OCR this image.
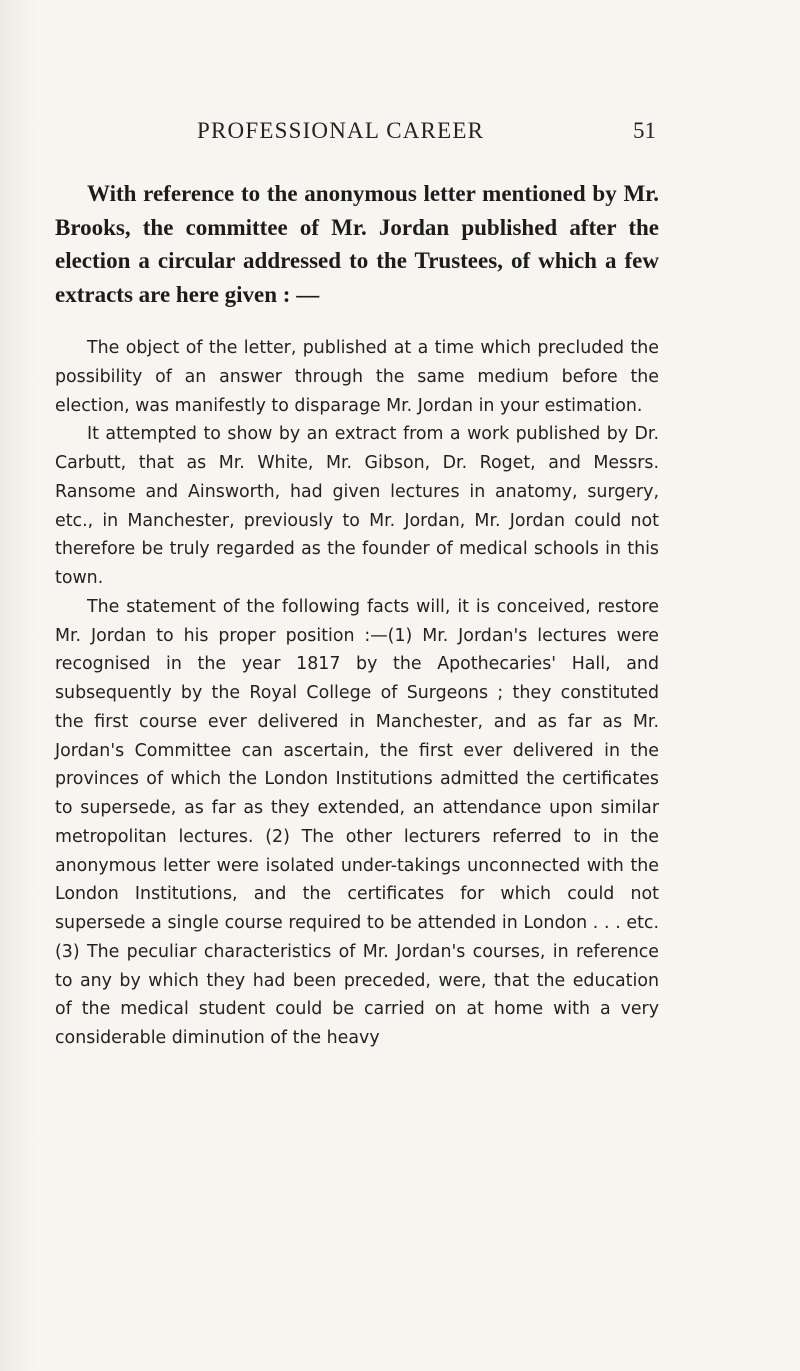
PROFESSIONAL CAREER	51

With reference to the anonymous letter mentioned by Mr. Brooks, the committee of Mr. Jordan published after the election a circular addressed to the Trustees, of which a few extracts are here given : —

The object of the letter, published at a time which precluded the possibility of an answer through the same medium before the election, was manifestly to disparage Mr. Jordan in your estimation.

It attempted to show by an extract from a work published by Dr. Carbutt, that as Mr. White, Mr. Gibson, Dr. Roget, and Messrs. Ransome and Ainsworth, had given lectures in anatomy, surgery, etc., in Manchester, previously to Mr. Jordan, Mr. Jordan could not therefore be truly regarded as the founder of medical schools in this town.

The statement of the following facts will, it is conceived, restore Mr. Jordan to his proper position :—(1) Mr. Jordan's lectures were recognised in the year 1817 by the Apothecaries' Hall, and subsequently by the Royal College of Surgeons ; they constituted the first course ever delivered in Manchester, and as far as Mr. Jordan's Committee can ascertain, the first ever delivered in the provinces of which the London Institutions admitted the certificates to supersede, as far as they extended, an attendance upon similar metropolitan lectures. (2) The other lecturers referred to in the anonymous letter were isolated under-takings unconnected with the London Institutions, and the certificates for which could not supersede a single course required to be attended in London . . . etc. (3) The peculiar characteristics of Mr. Jordan's courses, in reference to any by which they had been preceded, were, that the education of the medical student could be carried on at home with a very considerable diminution of the heavy
